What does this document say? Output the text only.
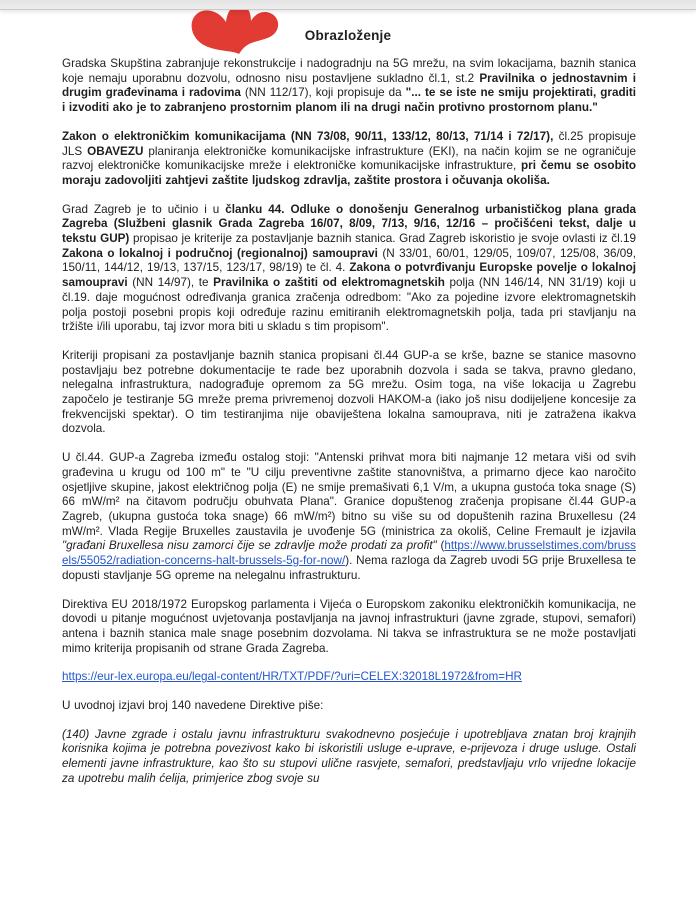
Obrazloženje

Gradska Skupština zabranjuje rekonstrukcije i nadogradnju na 5G mrežu, na svim lokacijama, baznih stanica koje nemaju uporabnu dozvolu, odnosno nisu postavljene sukladno čl.1, st.2 Pravilnika o jednostavnim i drugim građevinama i radovima (NN 112/17), koji propisuje da "... te se iste ne smiju projektirati, graditi i izvoditi ako je to zabranjeno prostornim planom ili na drugi način protivno prostornom planu."

Zakon o elektroničkim komunikacijama (NN 73/08, 90/11, 133/12, 80/13, 71/14 i 72/17), čl.25 propisuje JLS OBAVEZU planiranja elektroničke komunikacijske infrastrukture (EKI), na način kojim se ne ograničuje razvoj elektroničke komunikacijske mreže i elektroničke komunikacijske infrastrukture, pri čemu se osobito moraju zadovoljiti zahtjevi zaštite ljudskog zdravlja, zaštite prostora i očuvanja okoliša.

Grad Zagreb je to učinio i u članku 44. Odluke o donošenju Generalnog urbanističkog plana grada Zagreba (Službeni glasnik Grada Zagreba 16/07, 8/09, 7/13, 9/16, 12/16 – pročišćeni tekst, dalje u tekstu GUP) propisao je kriterije za postavljanje baznih stanica. Grad Zagreb iskoristio je svoje ovlasti iz čl.19 Zakona o lokalnoj i područnoj (regionalnoj) samoupravi (N 33/01, 60/01, 129/05, 109/07, 125/08, 36/09, 150/11, 144/12, 19/13, 137/15, 123/17, 98/19) te čl. 4. Zakona o potvrđivanju Europske povelje o lokalnoj samoupravi (NN 14/97), te Pravilnika o zaštiti od elektromagnetskih polja (NN 146/14, NN 31/19) koji u čl.19. daje mogućnost određivanja granica zračenja odredbom: "Ako za pojedine izvore elektromagnetskih polja postoji posebni propis koji određuje razinu emitiranih elektromagnetskih polja, tada pri stavljanju na tržište i/ili uporabu, taj izvor mora biti u skladu s tim propisom".

Kriteriji propisani za postavljanje baznih stanica propisani čl.44 GUP-a se krše, bazne se stanice masovno postavljaju bez potrebne dokumentacije te rade bez uporabnih dozvola i sada se takva, pravno gledano, nelegalna infrastruktura, nadograđuje opremom za 5G mrežu. Osim toga, na više lokacija u Zagrebu započelo je testiranje 5G mreže prema privremenoj dozvoli HAKOM-a (iako još nisu dodijeljene koncesije za frekvencijski spektar). O tim testiranjima nije obaviještena lokalna samouprava, niti je zatražena ikakva dozvola.

U čl.44. GUP-a Zagreba između ostalog stoji: "Antenski prihvat mora biti najmanje 12 metara viši od svih građevina u krugu od 100 m" te "U cilju preventivne zaštite stanovništva, a primarno djece kao naročito osjetljive skupine, jakost električnog polja (E) ne smije premašivati 6,1 V/m, a ukupna gustoća toka snage (S) 66 mW/m² na čitavom području obuhvata Plana". Granice dopuštenog zračenja propisane čl.44 GUP-a Zagreb, (ukupna gustoća toka snage) 66 mW/m²) bitno su više su od dopuštenih razina Bruxellesu (24 mW/m². Vlada Regije Bruxelles zaustavila je uvođenje 5G (ministrica za okoliš, Celine Fremault je izjavila "građani Bruxellesa nisu zamorci čije se zdravlje može prodati za profit" (https://www.brusselstimes.com/brussels/55052/radiation-concerns-halt-brussels-5g-for-now/). Nema razloga da Zagreb uvodi 5G prije Bruxellesa te dopusti stavljanje 5G opreme na nelegalnu infrastrukturu.

Direktiva EU 2018/1972 Europskog parlamenta i Vijeća o Europskom zakoniku elektroničkih komunikacija, ne dovodi u pitanje mogućnost uvjetovanja postavljanja na javnoj infrastrukturi (javne zgrade, stupovi, semafori) antena i baznih stanica male snage posebnim dozvolama. Ni takva se infrastruktura se ne može postavljati mimo kriterija propisanih od strane Grada Zagreba.

https://eur-lex.europa.eu/legal-content/HR/TXT/PDF/?uri=CELEX:32018L1972&from=HR

U uvodnoj izjavi broj 140 navedene Direktive piše:

(140) Javne zgrade i ostalu javnu infrastrukturu svakodnevno posjećuje i upotrebljava znatan broj krajnjih korisnika kojima je potrebna povezivost kako bi iskoristili usluge e-uprave, e-prijevoza i druge usluge. Ostali elementi javne infrastrukture, kao što su stupovi ulične rasvjete, semafori, predstavljaju vrlo vrijedne lokacije za upotrebu malih ćelija, primjerice zbog svoje su
